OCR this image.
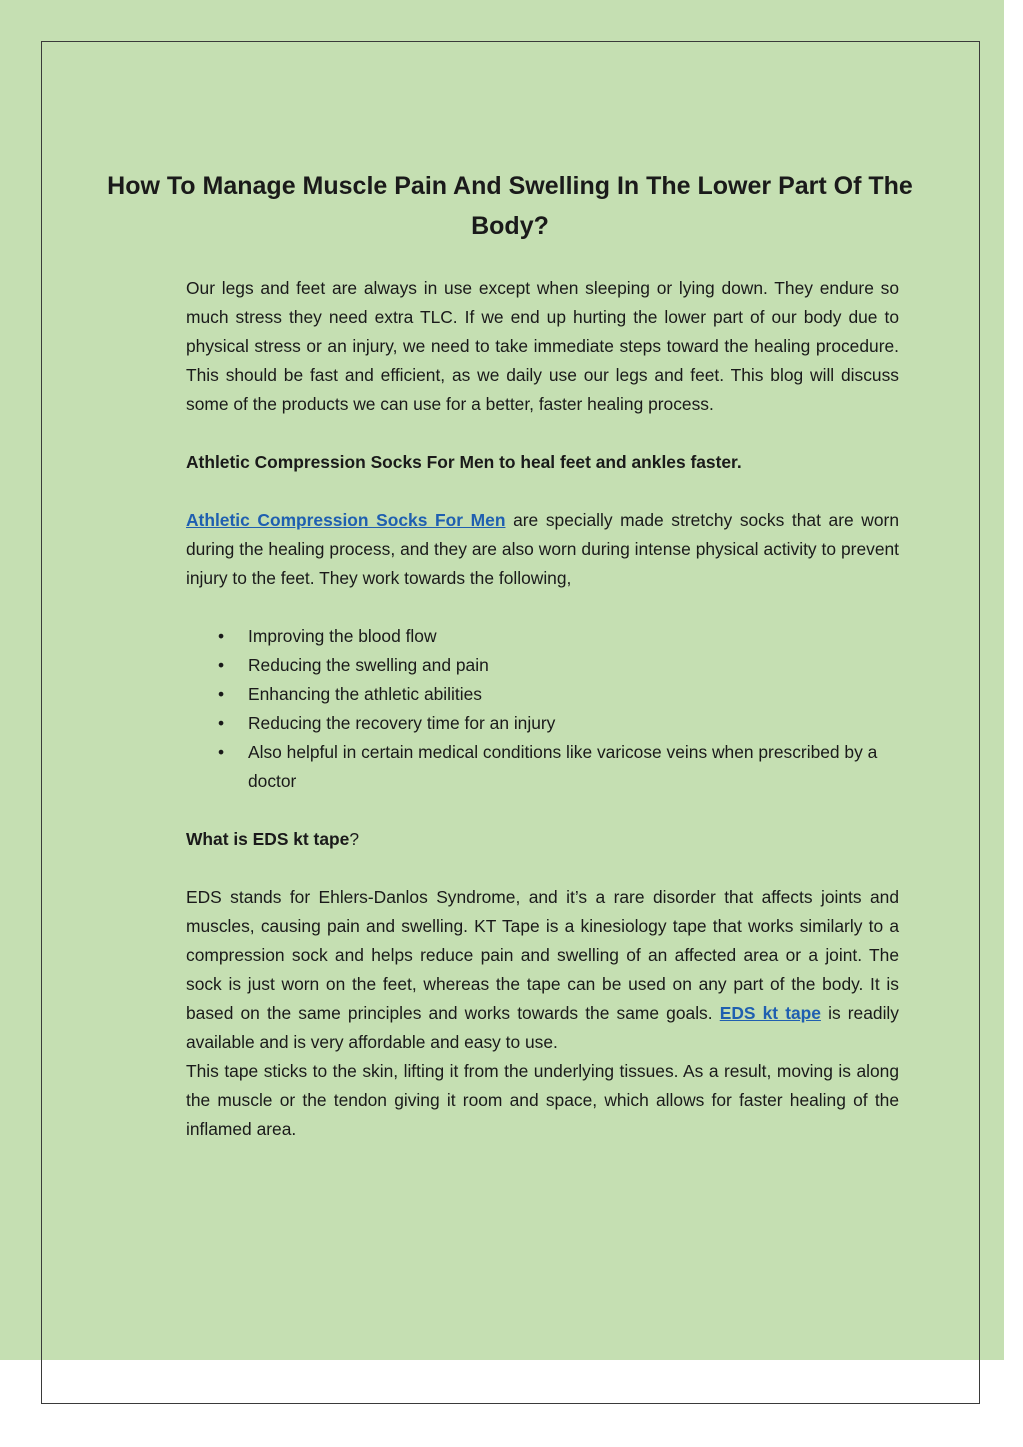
How To Manage Muscle Pain And Swelling In The Lower Part Of The Body?

Our legs and feet are always in use except when sleeping or lying down. They endure so much stress they need extra TLC. If we end up hurting the lower part of our body due to physical stress or an injury, we need to take immediate steps toward the healing procedure. This should be fast and efficient, as we daily use our legs and feet. This blog will discuss some of the products we can use for a better, faster healing process.

Athletic Compression Socks For Men to heal feet and ankles faster.

Athletic Compression Socks For Men are specially made stretchy socks that are worn during the healing process, and they are also worn during intense physical activity to prevent injury to the feet. They work towards the following,

• Improving the blood flow
• Reducing the swelling and pain
• Enhancing the athletic abilities
• Reducing the recovery time for an injury
• Also helpful in certain medical conditions like varicose veins when prescribed by a doctor

What is EDS kt tape?

EDS stands for Ehlers-Danlos Syndrome, and it’s a rare disorder that affects joints and muscles, causing pain and swelling. KT Tape is a kinesiology tape that works similarly to a compression sock and helps reduce pain and swelling of an affected area or a joint. The sock is just worn on the feet, whereas the tape can be used on any part of the body. It is based on the same principles and works towards the same goals. EDS kt tape is readily available and is very affordable and easy to use.

This tape sticks to the skin, lifting it from the underlying tissues. As a result, moving is along the muscle or the tendon giving it room and space, which allows for faster healing of the inflamed area.
